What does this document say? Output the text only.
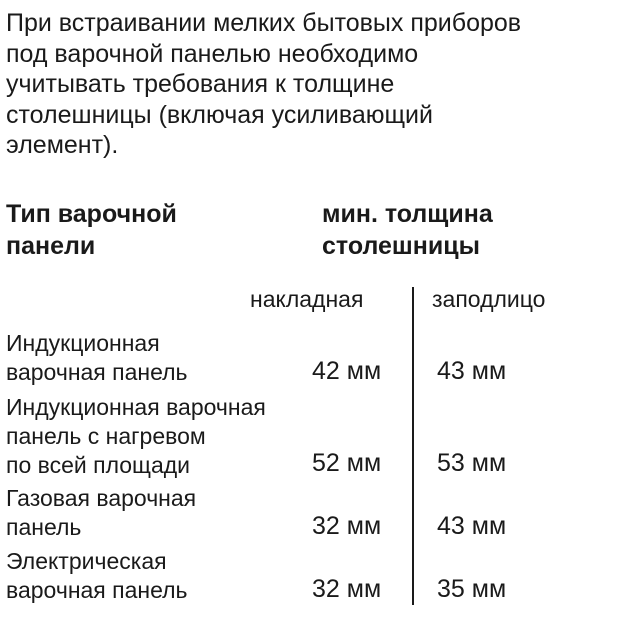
При встраивании мелких бытовых приборов
под варочной панелью необходимо
учитывать требования к толщине
столешницы (включая усиливающий
элемент).

Тип варочной
панели
мин. толщина
столешницы
накладная	заподлицо
Индукционная
варочная панель	42 мм	43 мм
Индукционная варочная
панель с нагревом
по всей площади	52 мм	53 мм
Газовая варочная
панель	32 мм	43 мм
Электрическая
варочная панель	32 мм	35 мм
